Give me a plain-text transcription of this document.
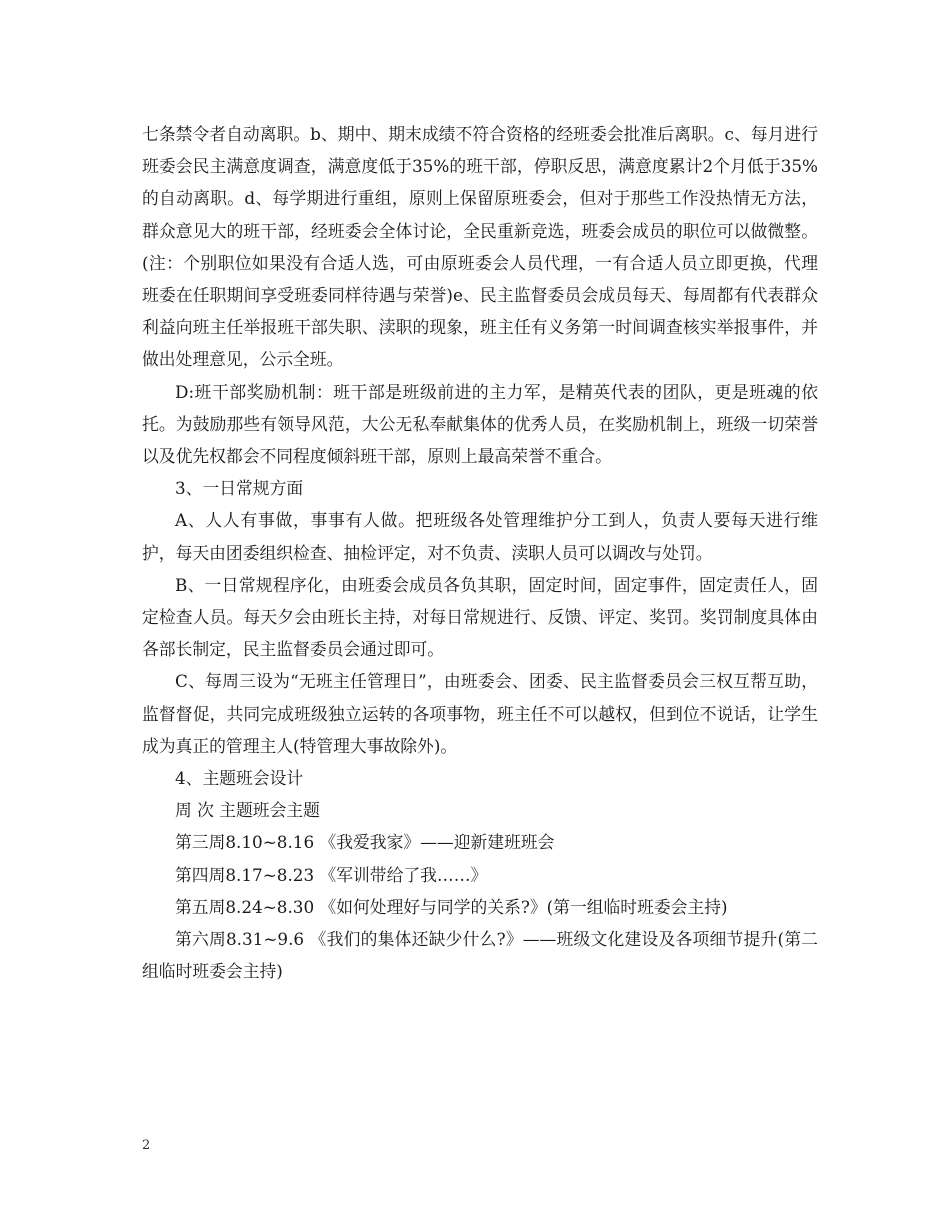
七条禁令者自动离职。b、期中、期末成绩不符合资格的经班委会批准后离职。c、每月进行班委会民主满意度调查，满意度低于35%的班干部，停职反思，满意度累计2个月低于35%的自动离职。d、每学期进行重组，原则上保留原班委会，但对于那些工作没热情无方法，群众意见大的班干部，经班委会全体讨论，全民重新竞选，班委会成员的职位可以做微整。(注：个别职位如果没有合适人选，可由原班委会人员代理，一有合适人员立即更换，代理班委在任职期间享受班委同样待遇与荣誉)e、民主监督委员会成员每天、每周都有代表群众利益向班主任举报班干部失职、渎职的现象，班主任有义务第一时间调查核实举报事件，并做出处理意见，公示全班。

D:班干部奖励机制：班干部是班级前进的主力军，是精英代表的团队，更是班魂的依托。为鼓励那些有领导风范，大公无私奉献集体的优秀人员，在奖励机制上，班级一切荣誉以及优先权都会不同程度倾斜班干部，原则上最高荣誉不重合。

3、一日常规方面

A、人人有事做，事事有人做。把班级各处管理维护分工到人，负责人要每天进行维护，每天由团委组织检查、抽检评定，对不负责、渎职人员可以调改与处罚。

B、一日常规程序化，由班委会成员各负其职，固定时间，固定事件，固定责任人，固定检查人员。每天夕会由班长主持，对每日常规进行、反馈、评定、奖罚。奖罚制度具体由各部长制定，民主监督委员会通过即可。

C、每周三设为“无班主任管理日”，由班委会、团委、民主监督委员会三权互帮互助，监督督促，共同完成班级独立运转的各项事物，班主任不可以越权，但到位不说话，让学生成为真正的管理主人(特管理大事故除外)。

4、主题班会设计

周 次 主题班会主题

第三周8.10~8.16 《我爱我家》——迎新建班班会

第四周8.17~8.23 《军训带给了我……》

第五周8.24~8.30 《如何处理好与同学的关系?》(第一组临时班委会主持)

第六周8.31~9.6 《我们的集体还缺少什么?》——班级文化建设及各项细节提升(第二组临时班委会主持)

2
